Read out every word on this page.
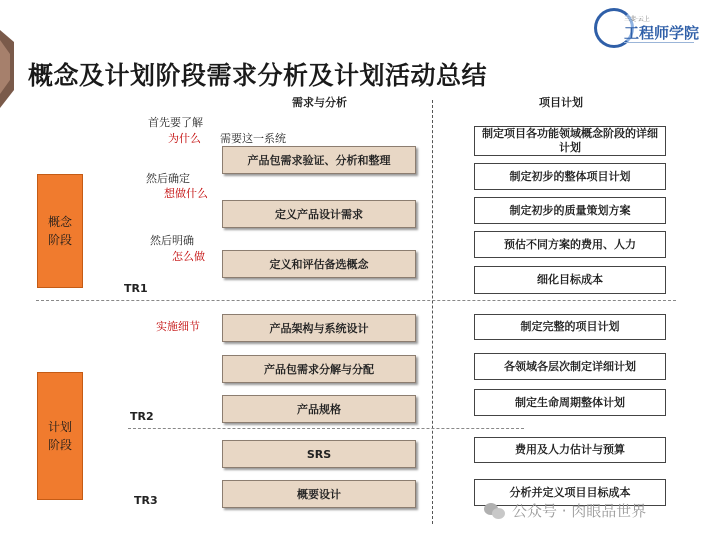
概念及计划阶段需求分析及计划活动总结
三斐·云上
工程师学院
需求与分析	项目计划
概念阶段
计划阶段
首先要了解
为什么 需要这一系统
然后确定
想做什么
然后明确
怎么做
实施细节
TR1
TR2
TR3
产品包需求验证、分析和整理
定义产品设计需求
定义和评估备选概念
产品架构与系统设计
产品包需求分解与分配
产品规格
SRS
概要设计
制定项目各功能领域概念阶段的详细计划
制定初步的整体项目计划
制定初步的质量策划方案
预估不同方案的费用、人力
细化目标成本
制定完整的项目计划
各领域各层次制定详细计划
制定生命周期整体计划
费用及人力估计与预算
分析并定义项目目标成本
公众号 · 肉眼品世界
